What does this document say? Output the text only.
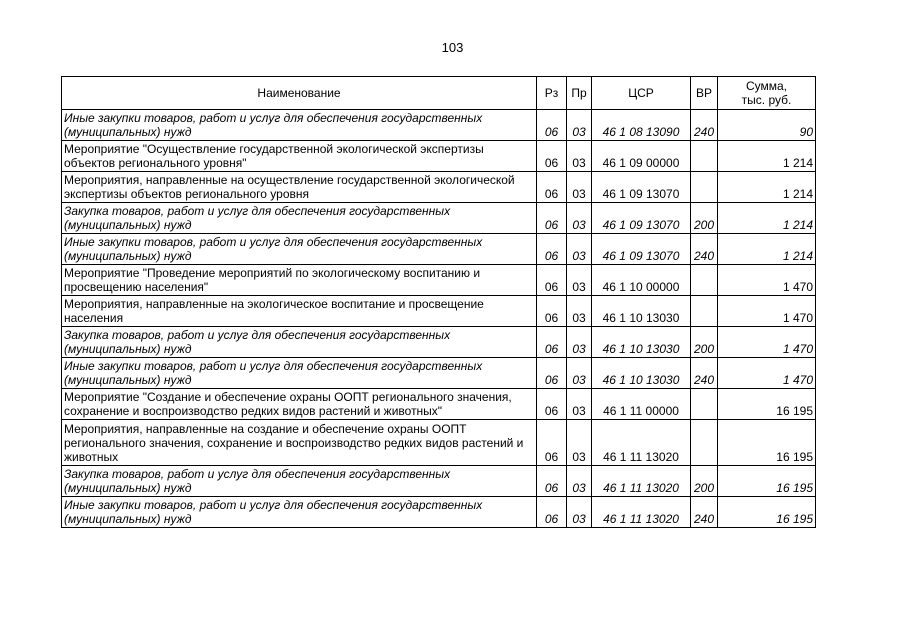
103
Наименование	Рз	Пр	ЦСР	ВР	Сумма,
тыс. руб.

Иные закупки товаров, работ и услуг для обеспечения государственных (муниципальных) нужд	06	03	46 1 08 13090	240	90
Мероприятие "Осуществление государственной экологической экспертизы объектов регионального уровня"	06	03	46 1 09 00000		1 214
Мероприятия, направленные на осуществление государственной экологической экспертизы объектов регионального уровня	06	03	46 1 09 13070		1 214
Закупка товаров, работ и услуг для обеспечения государственных (муниципальных) нужд	06	03	46 1 09 13070	200	1 214
Иные закупки товаров, работ и услуг для обеспечения государственных (муниципальных) нужд	06	03	46 1 09 13070	240	1 214
Мероприятие "Проведение мероприятий по экологическому воспитанию и просвещению населения"	06	03	46 1 10 00000		1 470
Мероприятия, направленные на экологическое воспитание и просвещение населения	06	03	46 1 10 13030		1 470
Закупка товаров, работ и услуг для обеспечения государственных (муниципальных) нужд	06	03	46 1 10 13030	200	1 470
Иные закупки товаров, работ и услуг для обеспечения государственных (муниципальных) нужд	06	03	46 1 10 13030	240	1 470
Мероприятие "Создание и обеспечение охраны ООПТ регионального значения, сохранение и воспроизводство редких видов растений и животных"	06	03	46 1 11 00000		16 195
Мероприятия, направленные на создание и обеспечение охраны ООПТ регионального значения, сохранение и воспроизводство редких видов растений и животных	06	03	46 1 11 13020		16 195
Закупка товаров, работ и услуг для обеспечения государственных (муниципальных) нужд	06	03	46 1 11 13020	200	16 195
Иные закупки товаров, работ и услуг для обеспечения государственных (муниципальных) нужд	06	03	46 1 11 13020	240	16 195
